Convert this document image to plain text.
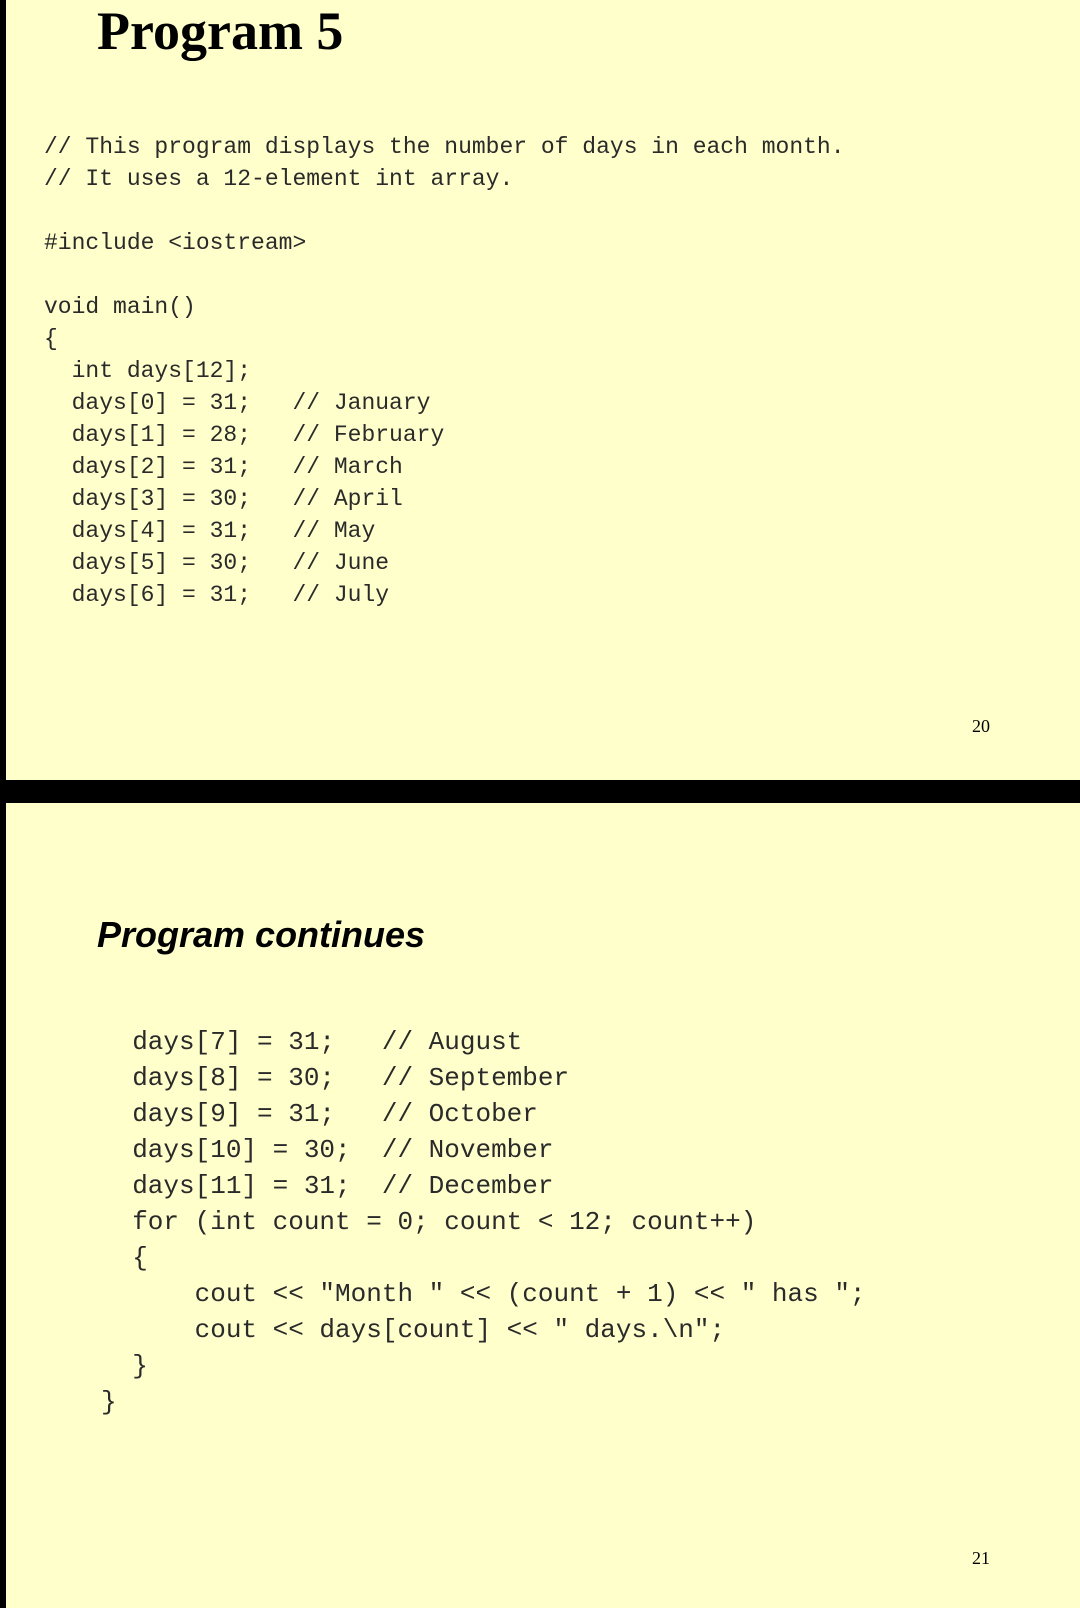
Program 5
// This program displays the number of days in each month.
// It uses a 12-element int array.

#include <iostream>

void main()
{
int days[12];
days[0] = 31;   // January
days[1] = 28;   // February
days[2] = 31;   // March
days[3] = 30;   // April
days[4] = 31;   // May
days[5] = 30;   // June
days[6] = 31;   // July
20
Program continues
days[7] = 31;   // August
days[8] = 30;   // September
days[9] = 31;   // October
days[10] = 30;  // November
days[11] = 31;  // December
for (int count = 0; count < 12; count++)
{
cout << "Month " << (count + 1) << " has ";
cout << days[count] << " days.\n";
}
}
21
